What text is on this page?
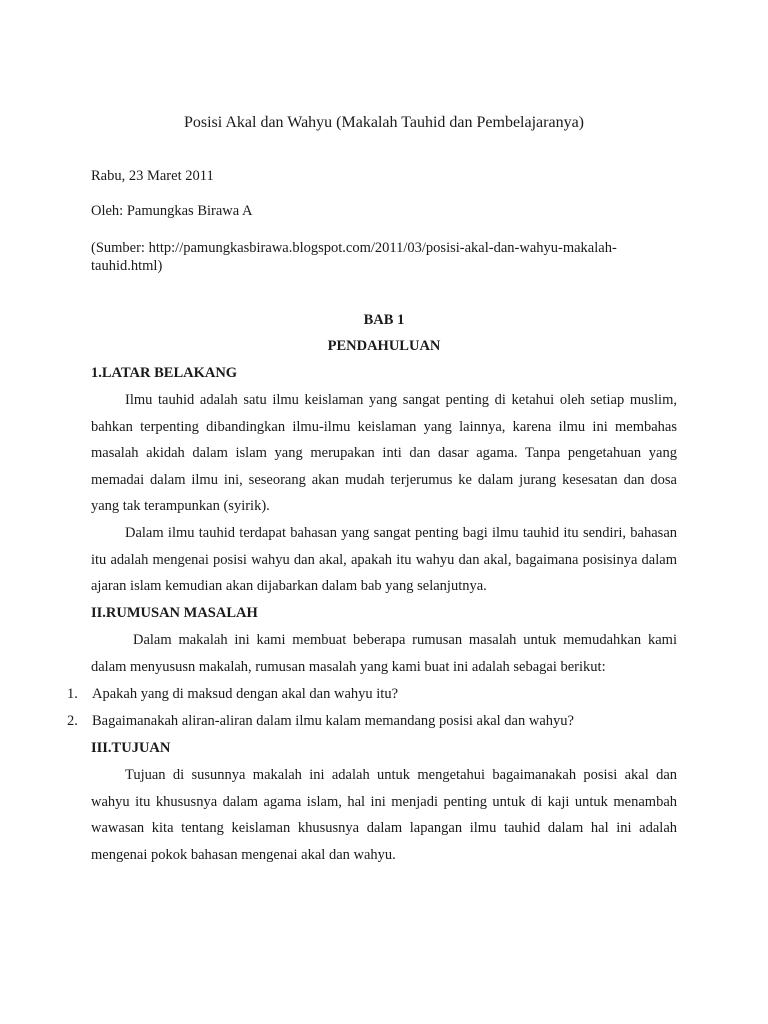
Posisi Akal dan Wahyu (Makalah Tauhid dan Pembelajaranya)

Rabu, 23 Maret 2011

Oleh: Pamungkas Birawa A

(Sumber: http://pamungkasbirawa.blogspot.com/2011/03/posisi-akal-dan-wahyu-makalah-tauhid.html)

BAB 1

PENDAHULUAN

1.LATAR BELAKANG

Ilmu tauhid adalah satu ilmu keislaman yang sangat penting di ketahui oleh setiap muslim, bahkan terpenting dibandingkan ilmu-ilmu keislaman yang lainnya, karena ilmu ini membahas masalah akidah dalam islam yang merupakan inti dan dasar agama. Tanpa pengetahuan yang memadai dalam ilmu ini, seseorang akan mudah terjerumus ke dalam jurang kesesatan dan dosa yang tak terampunkan (syirik).

Dalam ilmu tauhid terdapat bahasan yang sangat penting bagi ilmu tauhid itu sendiri, bahasan itu adalah mengenai posisi wahyu dan akal, apakah itu wahyu dan akal, bagaimana posisinya dalam ajaran islam kemudian akan dijabarkan dalam bab yang selanjutnya.

II.RUMUSAN MASALAH

Dalam makalah ini kami membuat beberapa rumusan masalah untuk memudahkan kami dalam menyususn makalah, rumusan masalah yang kami buat ini adalah sebagai berikut:

1. Apakah yang di maksud dengan akal dan wahyu itu?
2. Bagaimanakah aliran-aliran dalam ilmu kalam memandang posisi akal dan wahyu?

III.TUJUAN

Tujuan di susunnya makalah ini adalah untuk mengetahui bagaimanakah posisi akal dan wahyu itu khususnya dalam agama islam, hal ini menjadi penting untuk di kaji untuk menambah wawasan kita tentang keislaman khususnya dalam lapangan ilmu tauhid dalam hal ini adalah mengenai pokok bahasan mengenai akal dan wahyu.
